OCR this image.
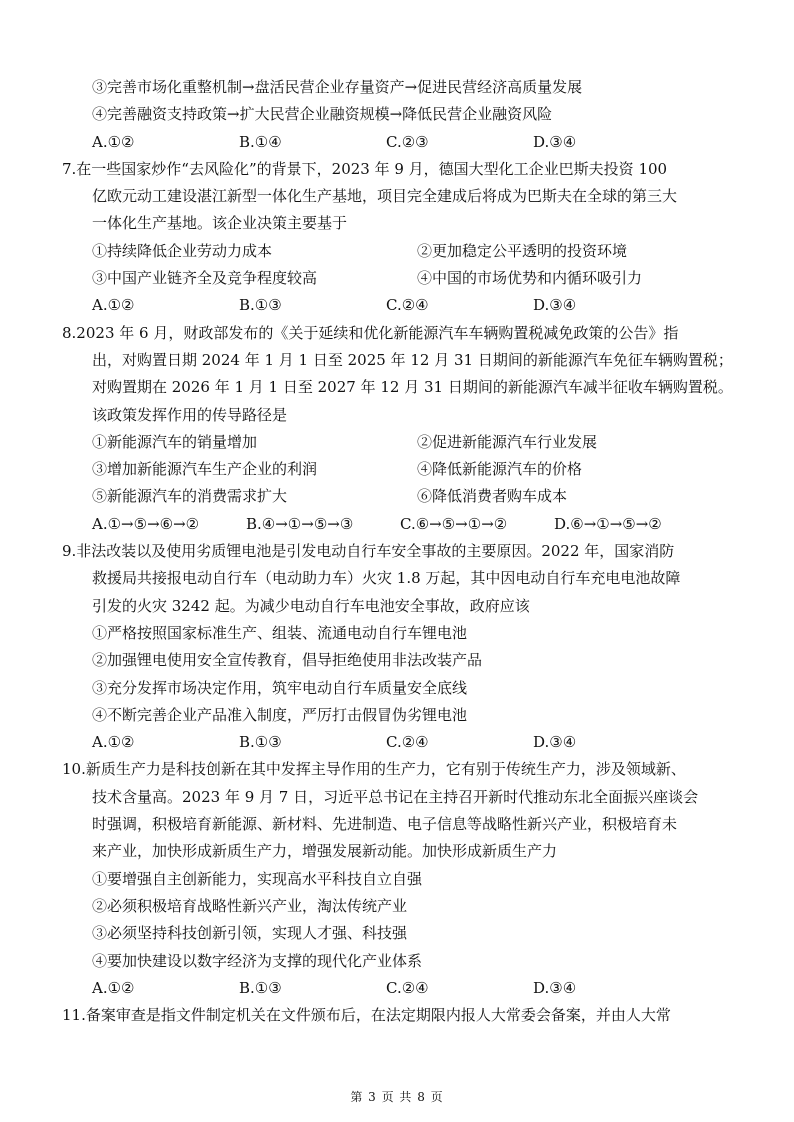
③完善市场化重整机制→盘活民营企业存量资产→促进民营经济高质量发展
④完善融资支持政策→扩大民营企业融资规模→降低民营企业融资风险
A.①②	B.①④	C.②③	D.③④
7.在一些国家炒作“去风险化”的背景下，2023 年 9 月，德国大型化工企业巴斯夫投资 100
亿欧元动工建设湛江新型一体化生产基地，项目完全建成后将成为巴斯夫在全球的第三大
一体化生产基地。该企业决策主要基于
①持续降低企业劳动力成本	②更加稳定公平透明的投资环境
③中国产业链齐全及竞争程度较高	④中国的市场优势和内循环吸引力
A.①②	B.①③	C.②④	D.③④
8.2023 年 6 月，财政部发布的《关于延续和优化新能源汽车车辆购置税减免政策的公告》指
出，对购置日期 2024 年 1 月 1 日至 2025 年 12 月 31 日期间的新能源汽车免征车辆购置税；
对购置期在 2026 年 1 月 1 日至 2027 年 12 月 31 日期间的新能源汽车减半征收车辆购置税。
该政策发挥作用的传导路径是
①新能源汽车的销量增加	②促进新能源汽车行业发展
③增加新能源汽车生产企业的利润	④降低新能源汽车的价格
⑤新能源汽车的消费需求扩大	⑥降低消费者购车成本
A.①→⑤→⑥→②	B.④→①→⑤→③	C.⑥→⑤→①→②	D.⑥→①→⑤→②
9.非法改装以及使用劣质锂电池是引发电动自行车安全事故的主要原因。2022 年，国家消防
救援局共接报电动自行车（电动助力车）火灾 1.8 万起，其中因电动自行车充电电池故障
引发的火灾 3242 起。为减少电动自行车电池安全事故，政府应该
①严格按照国家标准生产、组装、流通电动自行车锂电池
②加强锂电使用安全宣传教育，倡导拒绝使用非法改装产品
③充分发挥市场决定作用，筑牢电动自行车质量安全底线
④不断完善企业产品准入制度，严厉打击假冒伪劣锂电池
A.①②	B.①③	C.②④	D.③④
10.新质生产力是科技创新在其中发挥主导作用的生产力，它有别于传统生产力，涉及领域新、
技术含量高。2023 年 9 月 7 日，习近平总书记在主持召开新时代推动东北全面振兴座谈会
时强调，积极培育新能源、新材料、先进制造、电子信息等战略性新兴产业，积极培育未
来产业，加快形成新质生产力，增强发展新动能。加快形成新质生产力
①要增强自主创新能力，实现高水平科技自立自强
②必须积极培育战略性新兴产业，淘汰传统产业
③必须坚持科技创新引领，实现人才强、科技强
④要加快建设以数字经济为支撑的现代化产业体系
A.①②	B.①③	C.②④	D.③④
11.备案审查是指文件制定机关在文件颁布后，在法定期限内报人大常委会备案，并由人大常
第 3 页 共 8 页
